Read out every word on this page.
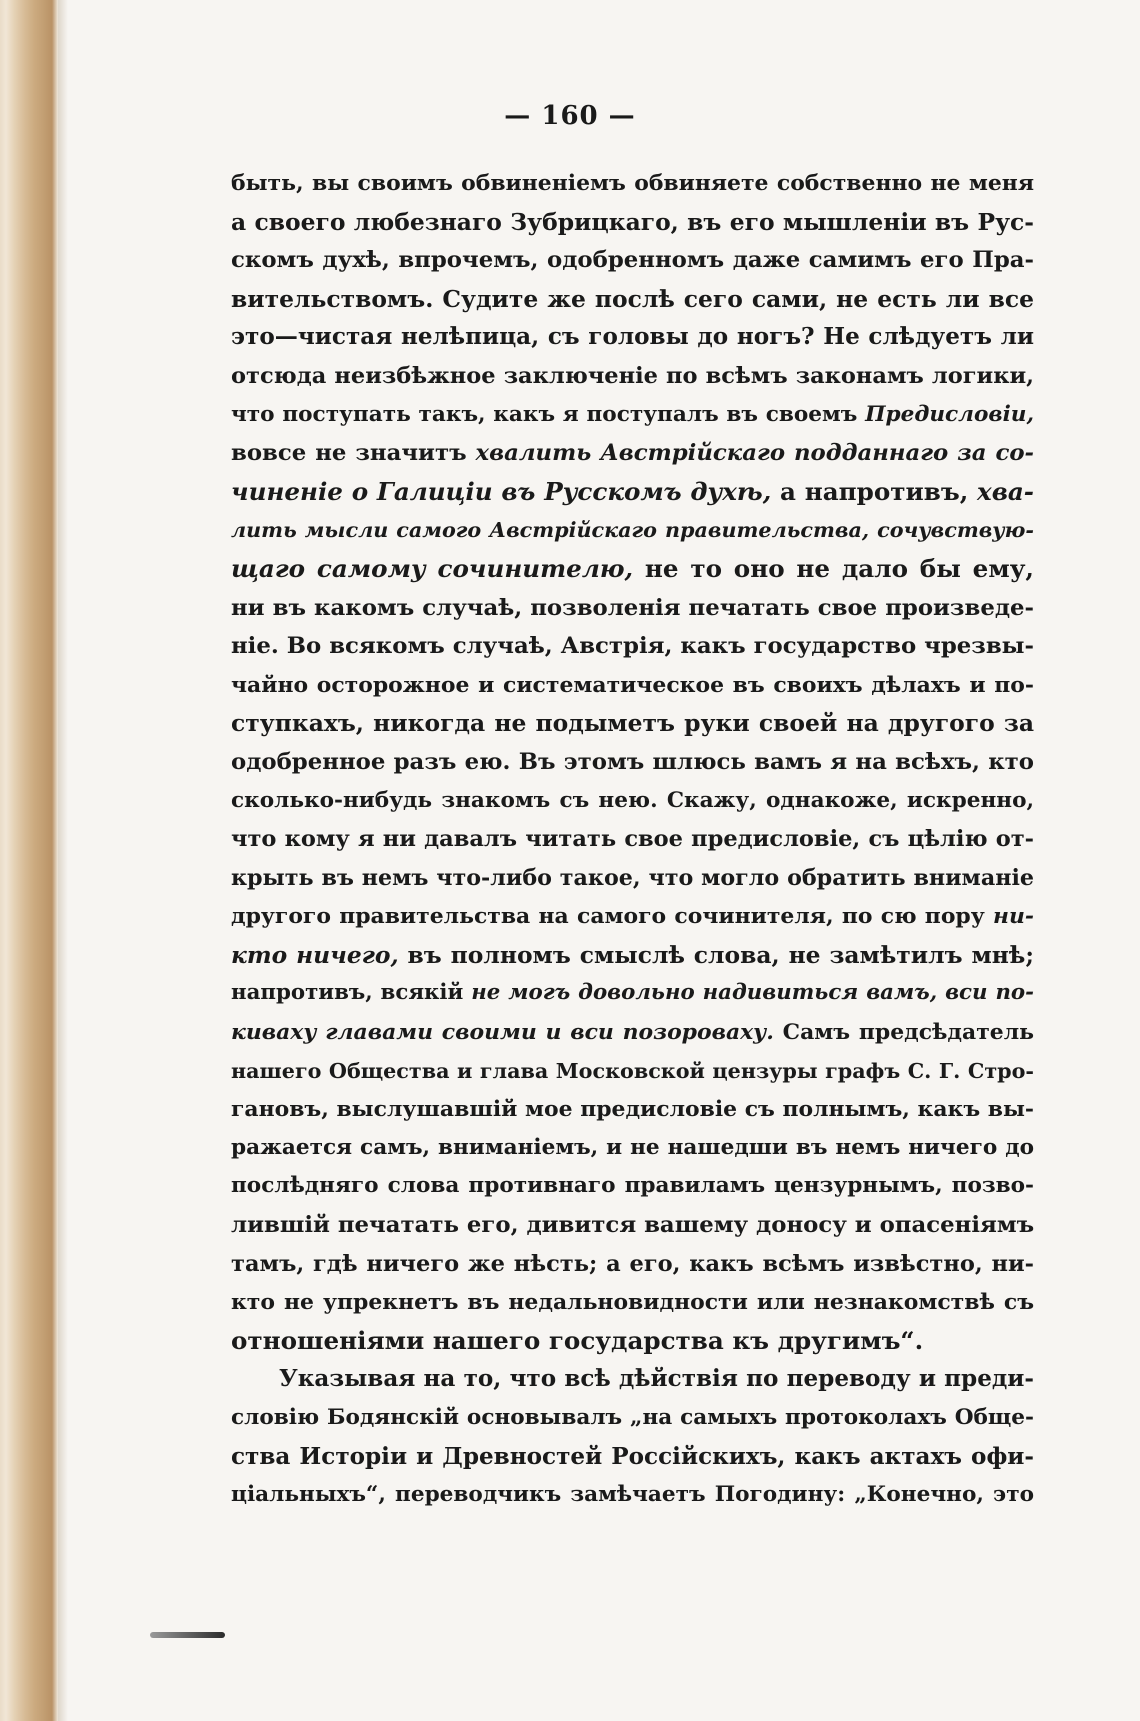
— 160 —
быть, вы своимъ обвиненіемъ обвиняете собственно не меня
а своего любезнаго Зубрицкаго, въ его мышленіи въ Рус-
скомъ духѣ, впрочемъ, одобренномъ даже самимъ его Пра-
вительствомъ. Судите же послѣ сего сами, не есть ли все
это—чистая нелѣпица, съ головы до ногъ? Не слѣдуетъ ли
отсюда неизбѣжное заключеніе по всѣмъ законамъ логики,
что поступать такъ, какъ я поступалъ въ своемъ Предисловіи,
вовсе не значитъ хвалить Австрійскаго подданнаго за со-
чиненіе о Галиціи въ Русскомъ духѣ, а напротивъ, хва-
лить мысли самого Австрійскаго правительства, сочувствую-
щаго самому сочинителю, не то оно не дало бы ему,
ни въ какомъ случаѣ, позволенія печатать свое произведе-
ніе. Во всякомъ случаѣ, Австрія, какъ государство чрезвы-
чайно осторожное и систематическое въ своихъ дѣлахъ и по-
ступкахъ, никогда не подыметъ руки своей на другого за
одобренное разъ ею. Въ этомъ шлюсь вамъ я на всѣхъ, кто
сколько-нибудь знакомъ съ нею. Скажу, однакоже, искренно,
что кому я ни давалъ читать свое предисловіе, съ цѣлію от-
крыть въ немъ что-либо такое, что могло обратить вниманіе
другого правительства на самого сочинителя, по сю пору ни-
кто ничего, въ полномъ смыслѣ слова, не замѣтилъ мнѣ;
напротивъ, всякій не могъ довольно надивиться вамъ, вси по-
киваху главами своими и вси позороваху. Самъ предсѣдатель
нашего Общества и глава Московской цензуры графъ С. Г. Стро-
гановъ, выслушавшій мое предисловіе съ полнымъ, какъ вы-
ражается самъ, вниманіемъ, и не нашедши въ немъ ничего до
послѣдняго слова противнаго правиламъ цензурнымъ, позво-
лившій печатать его, дивится вашему доносу и опасеніямъ
тамъ, гдѣ ничего же нѣсть; а его, какъ всѣмъ извѣстно, ни-
кто не упрекнетъ въ недальновидности или незнакомствѣ съ
отношеніями нашего государства къ другимъ“.
Указывая на то, что всѣ дѣйствія по переводу и преди-
словію Бодянскій основывалъ „на самыхъ протоколахъ Обще-
ства Исторіи и Древностей Россійскихъ, какъ актахъ офи-
ціальныхъ“, переводчикъ замѣчаетъ Погодину: „Конечно, это
